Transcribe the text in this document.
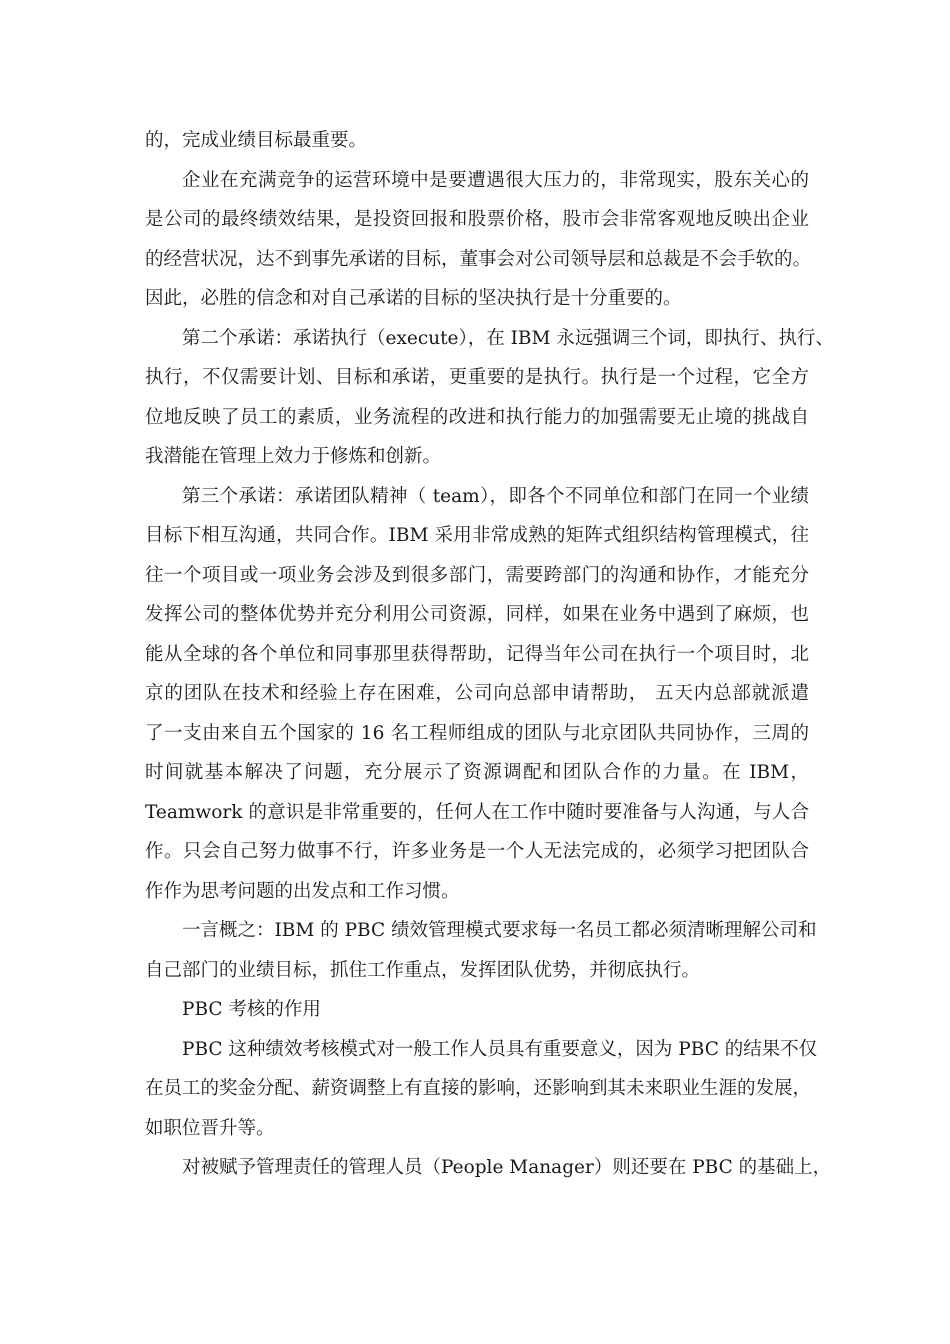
的，完成业绩目标最重要。
企业在充满竞争的运营环境中是要遭遇很大压力的，非常现实，股东关心的
是公司的最终绩效结果，是投资回报和股票价格，股市会非常客观地反映出企业
的经营状况，达不到事先承诺的目标，董事会对公司领导层和总裁是不会手软的。
因此，必胜的信念和对自己承诺的目标的坚决执行是十分重要的。
第二个承诺：承诺执行（execute），在 IBM 永远强调三个词，即执行、执行、
执行，不仅需要计划、目标和承诺，更重要的是执行。执行是一个过程，它全方
位地反映了员工的素质，业务流程的改进和执行能力的加强需要无止境的挑战自
我潜能在管理上效力于修炼和创新。
第三个承诺：承诺团队精神（ team），即各个不同单位和部门在同一个业绩
目标下相互沟通，共同合作。IBM 采用非常成熟的矩阵式组织结构管理模式，往
往一个项目或一项业务会涉及到很多部门，需要跨部门的沟通和协作，才能充分
发挥公司的整体优势并充分利用公司资源，同样，如果在业务中遇到了麻烦，也
能从全球的各个单位和同事那里获得帮助，记得当年公司在执行一个项目时，北
京的团队在技术和经验上存在困难，公司向总部申请帮助， 五天内总部就派遣
了一支由来自五个国家的 16 名工程师组成的团队与北京团队共同协作，三周的
时间就基本解决了问题，充分展示了资源调配和团队合作的力量。在 IBM，
Teamwork 的意识是非常重要的，任何人在工作中随时要准备与人沟通，与人合
作。只会自己努力做事不行，许多业务是一个人无法完成的，必须学习把团队合
作作为思考问题的出发点和工作习惯。
一言概之：IBM 的 PBC 绩效管理模式要求每一名员工都必须清晰理解公司和
自己部门的业绩目标，抓住工作重点，发挥团队优势，并彻底执行。
PBC 考核的作用
PBC 这种绩效考核模式对一般工作人员具有重要意义，因为 PBC 的结果不仅
在员工的奖金分配、薪资调整上有直接的影响，还影响到其未来职业生涯的发展，
如职位晋升等。
对被赋予管理责任的管理人员（People Manager）则还要在 PBC 的基础上，
